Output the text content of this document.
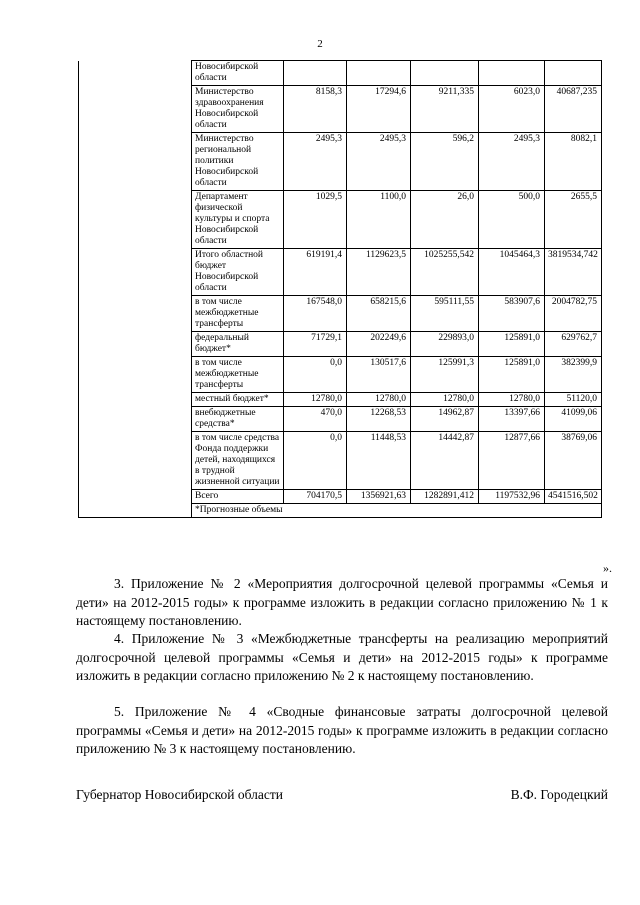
2
	Новосибирской области					
	Министерство здравоохранения Новосибирской области	8158,3	17294,6	9211,335	6023,0	40687,235
	Министерство региональной политики Новосибирской области	2495,3	2495,3	596,2	2495,3	8082,1
	Департамент физической культуры и спорта Новосибирской области	1029,5	1100,0	26,0	500,0	2655,5
	Итого областной бюджет Новосибирской области	619191,4	1129623,5	1025255,542	1045464,3	3819534,742
	в том числе межбюджетные трансферты	167548,0	658215,6	595111,55	583907,6	2004782,75
	федеральный бюджет*	71729,1	202249,6	229893,0	125891,0	629762,7
	в том числе межбюджетные трансферты	0,0	130517,6	125991,3	125891,0	382399,9
	местный бюджет*	12780,0	12780,0	12780,0	12780,0	51120,0
	внебюджетные средства*	470,0	12268,53	14962,87	13397,66	41099,06
	в том числе средства Фонда поддержки детей, находящихся в трудной жизненной ситуации	0,0	11448,53	14442,87	12877,66	38769,06
	Всего	704170,5	1356921,63	1282891,412	1197532,96	4541516,502
	*Прогнозные объемы					
».
3. Приложение № 2 «Мероприятия долгосрочной целевой программы «Семья и дети» на 2012-2015 годы» к программе изложить в редакции согласно приложению № 1 к настоящему постановлению.
4. Приложение № 3 «Межбюджетные трансферты на реализацию мероприятий долгосрочной целевой программы «Семья и дети» на 2012-2015 годы» к программе изложить в редакции согласно приложению № 2 к настоящему постановлению.
5. Приложение № 4 «Сводные финансовые затраты долгосрочной целевой программы «Семья и дети» на 2012-2015 годы» к программе изложить в редакции согласно приложению № 3 к настоящему постановлению.
Губернатор Новосибирской области	В.Ф. Городецкий
